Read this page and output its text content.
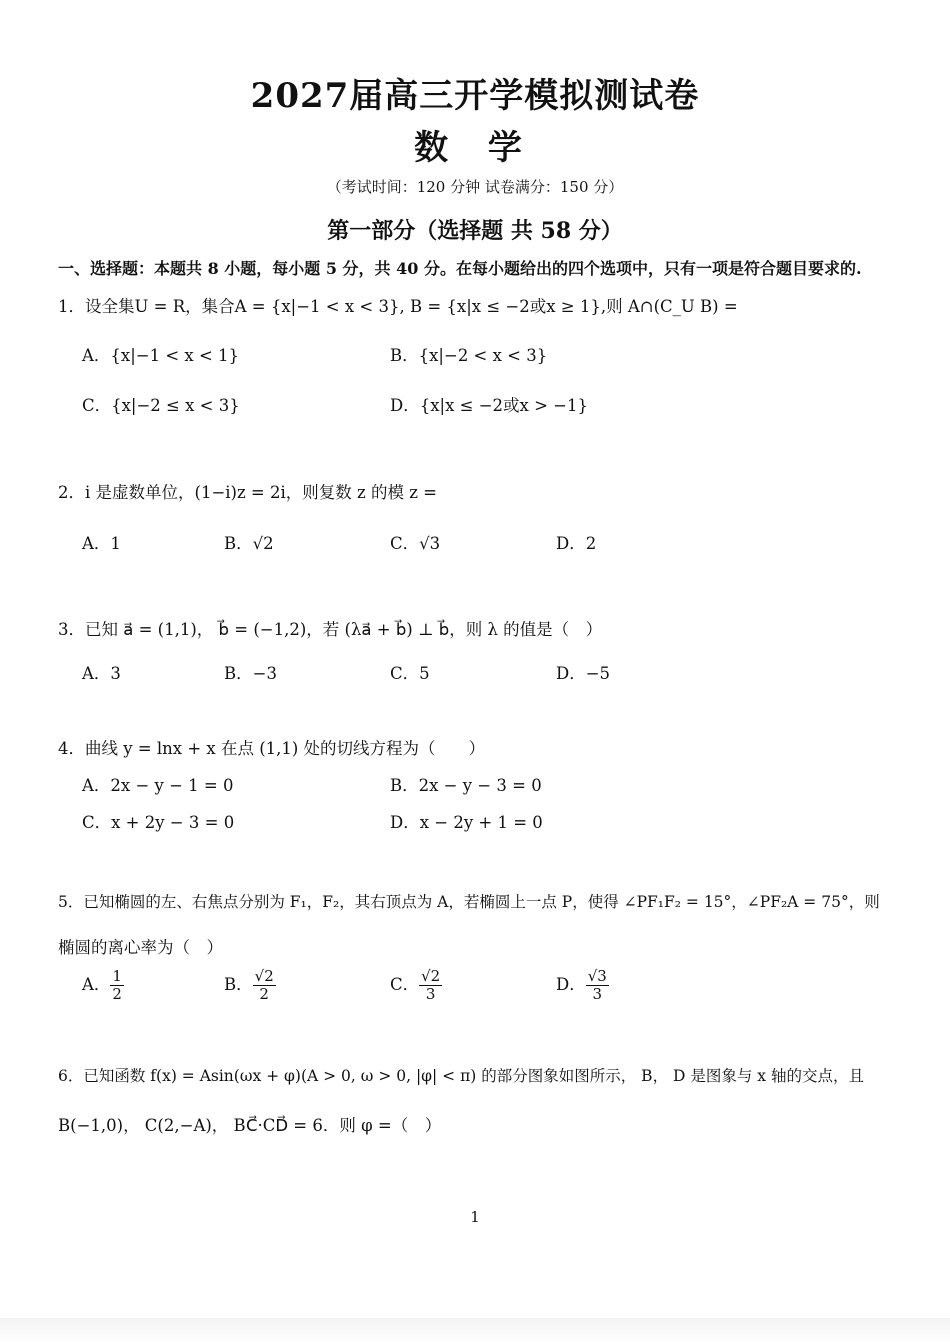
2027届高三开学模拟测试卷
数 学
（考试时间：120 分钟 试卷满分：150 分）
第一部分（选择题 共 58 分）
一、选择题：本题共 8 小题，每小题 5 分，共 40 分。在每小题给出的四个选项中，只有一项是符合题目要求的.
1．设全集U = R，集合A = {x|−1 < x < 3}, B = {x|x ≤ −2或x ≥ 1},则 A∩(C_U B) =
A．{x|−1 < x < 1}	B．{x|−2 < x < 3}
C．{x|−2 ≤ x < 3}	D．{x|x ≤ −2或x > −1}
2．i 是虚数单位，(1−i)z = 2i，则复数 z 的模 z =
A．1	B．√2	C．√3	D．2
3．已知 a⃗ = (1,1)， b⃗ = (−1,2)，若 (λa⃗ + b⃗) ⊥ b⃗，则 λ 的值是（　）
A．3	B．−3	C．5	D．−5
4．曲线 y = lnx + x 在点 (1,1) 处的切线方程为（　　）
A．2x − y − 1 = 0	B．2x − y − 3 = 0
C．x + 2y − 3 = 0	D．x − 2y + 1 = 0
5．已知椭圆的左、右焦点分别为 F₁，F₂，其右顶点为 A，若椭圆上一点 P，使得 ∠PF₁F₂ = 15°，∠PF₂A = 75°，则
椭圆的离心率为（　）
A． $\frac{1}{2}$	B． $\frac{√2}{2}$	C． $\frac{√2}{3}$	D． $\frac{√3}{3}$
6．已知函数 f(x) = Asin(ωx + φ)(A > 0, ω > 0, |φ| < π) 的部分图象如图所示， B， D 是图象与 x 轴的交点，且
B(−1,0)， C(2,−A)， BC⃗·CD⃗ = 6．则 φ =（　）
1
